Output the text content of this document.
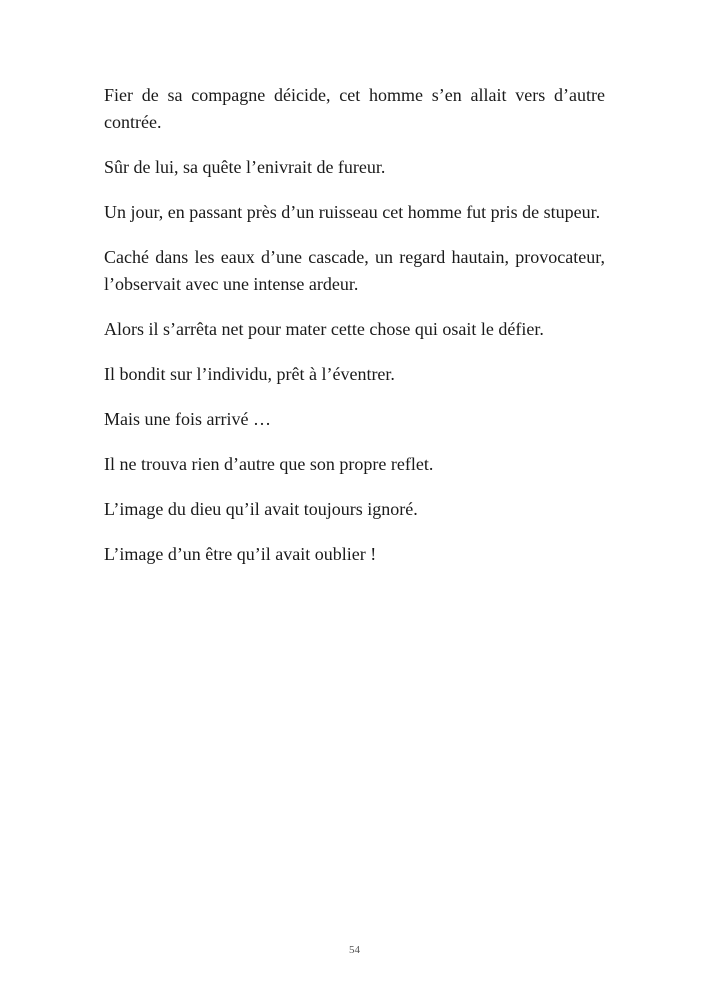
Fier de sa compagne déicide, cet homme s’en allait vers d’autre contrée.

Sûr de lui, sa quête l’enivrait de fureur.

Un jour, en passant près d’un ruisseau cet homme fut pris de stupeur.

Caché dans les eaux d’une cascade, un regard hautain, provocateur, l’observait avec une intense ardeur.

Alors il s’arrêta net pour mater cette chose qui osait le défier.

Il bondit sur l’individu, prêt à l’éventrer.

Mais une fois arrivé …

Il ne trouva rien d’autre que son propre reflet.

L’image du dieu qu’il avait toujours ignoré.

L’image d’un être qu’il avait oublier !

54
